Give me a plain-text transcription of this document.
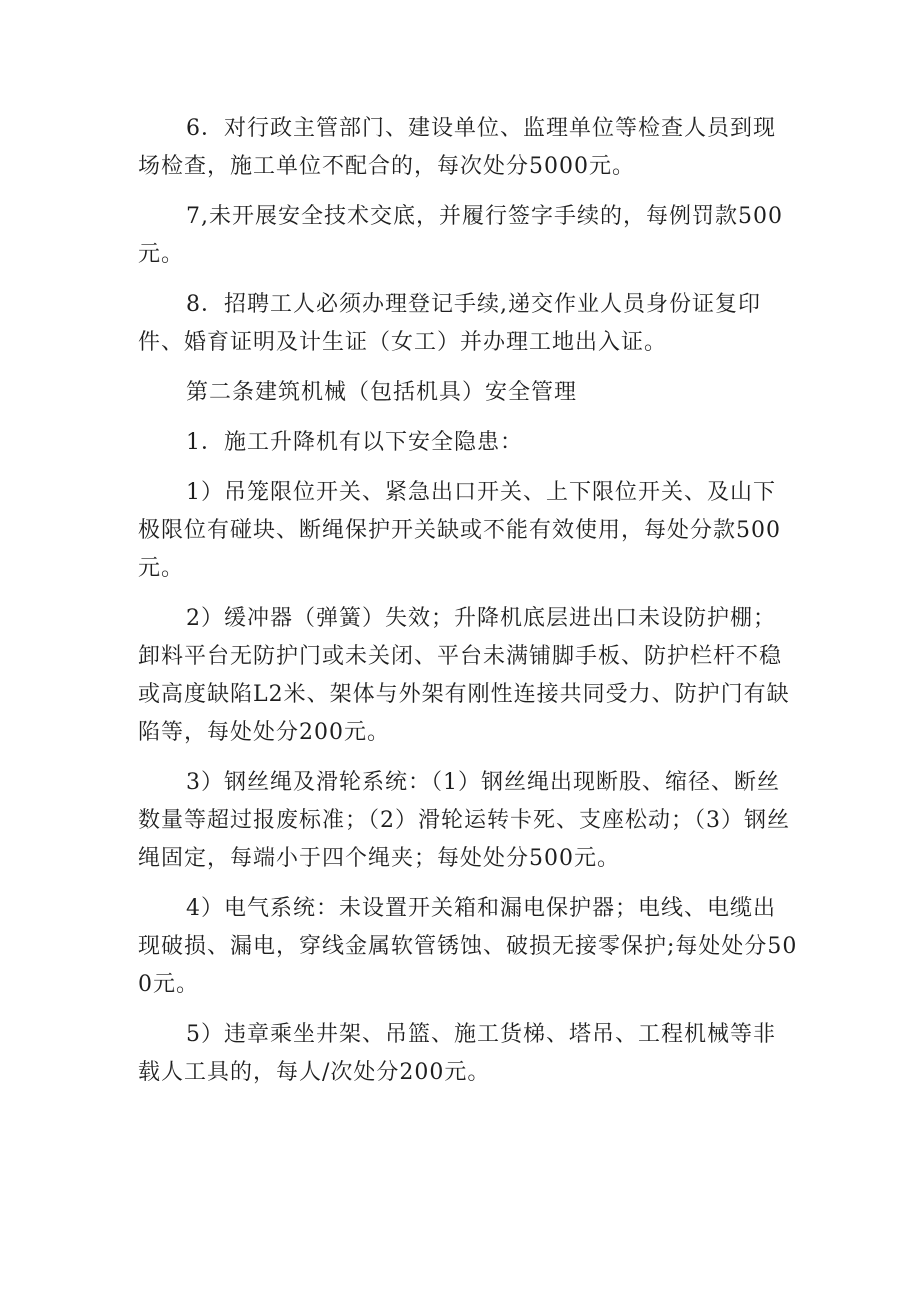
6．对行政主管部门、建设单位、监理单位等检查人员到现场检查，施工单位不配合的，每次处分5000元。

7,未开展安全技术交底，并履行签字手续的，每例罚款500元。

8．招聘工人必须办理登记手续,递交作业人员身份证复印件、婚育证明及计生证（女工）并办理工地出入证。

第二条建筑机械（包括机具）安全管理

1．施工升降机有以下安全隐患：

1）吊笼限位开关、紧急出口开关、上下限位开关、及山下极限位有碰块、断绳保护开关缺或不能有效使用，每处分款500元。

2）缓冲器（弹簧）失效；升降机底层进出口未设防护棚；卸料平台无防护门或未关闭、平台未满铺脚手板、防护栏杆不稳或高度缺陷L2米、架体与外架有刚性连接共同受力、防护门有缺陷等，每处处分200元。

3）钢丝绳及滑轮系统：（1）钢丝绳出现断股、缩径、断丝数量等超过报废标准；（2）滑轮运转卡死、支座松动；（3）钢丝绳固定，每端小于四个绳夹；每处处分500元。

4）电气系统：未设置开关箱和漏电保护器；电线、电缆出现破损、漏电，穿线金属软管锈蚀、破损无接零保护;每处处分500元。

5）违章乘坐井架、吊篮、施工货梯、塔吊、工程机械等非载人工具的，每人/次处分200元。
